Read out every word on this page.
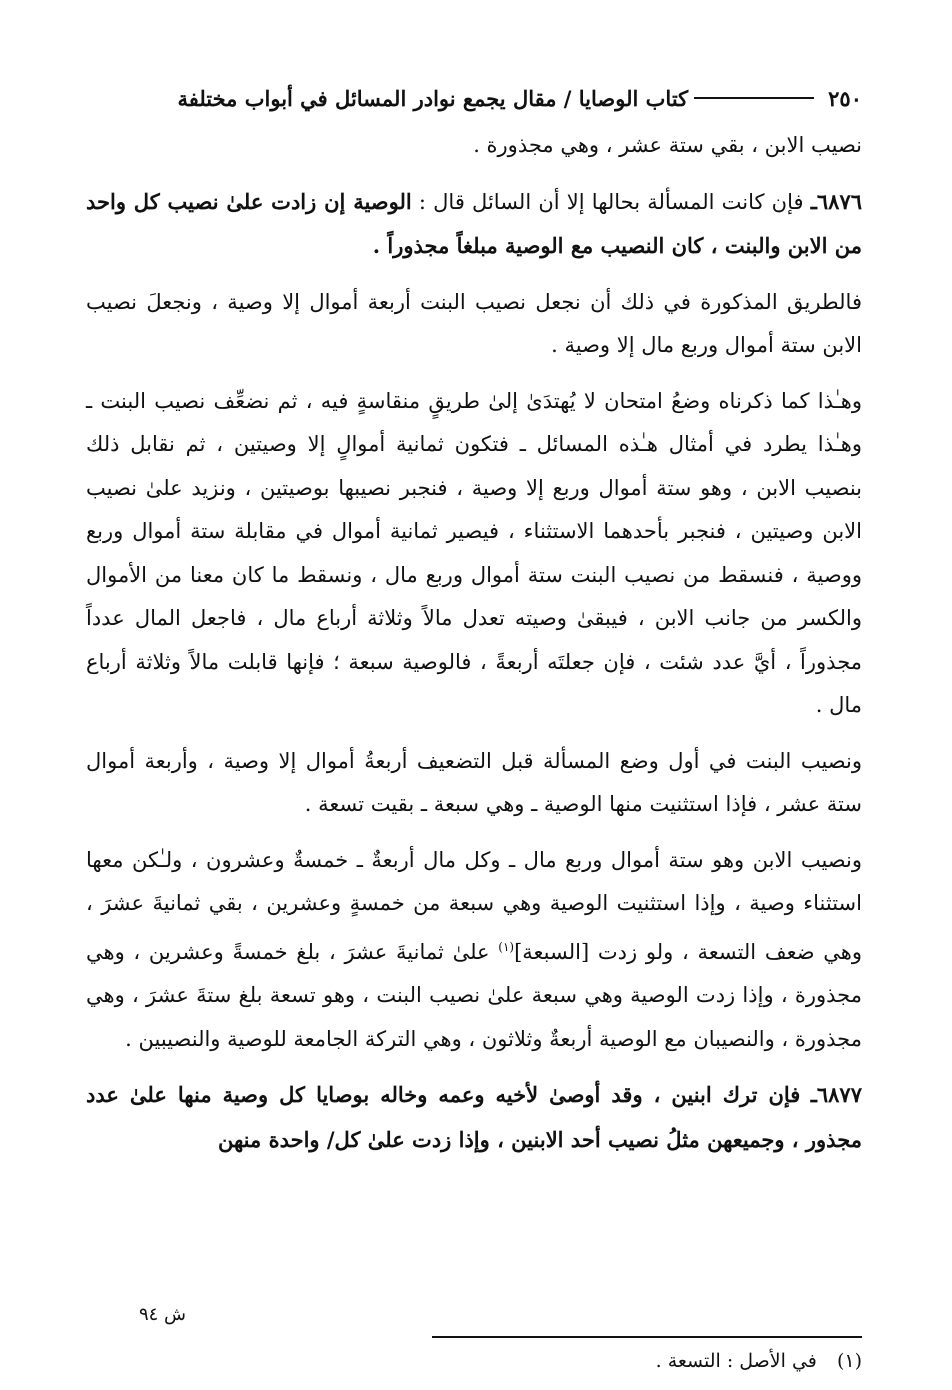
٢٥٠
كتاب الوصايا / مقال يجمع نوادر المسائل في أبواب مختلفة

نصيب الابن ، بقي ستة عشر ، وهي مجذورة .

٦٨٧٦ـ فإن كانت المسألة بحالها إلا أن السائل قال : الوصية إن زادت علىٰ نصيب كل واحد من الابن والبنت ، كان النصيب مع الوصية مبلغاً مجذوراً .

فالطريق المذكورة في ذلك أن نجعل نصيب البنت أربعة أموال إلا وصية ، ونجعلَ نصيب الابن ستة أموال وربع مال إلا وصية .

وهـٰذا كما ذكرناه وضعُ امتحان لا يُهتدَىٰ إلىٰ طريقٍ منقاسةٍ فيه ، ثم نضعِّف نصيب البنت ـ وهـٰذا يطرد في أمثال هـٰذه المسائل ـ فتكون ثمانية أموالٍ إلا وصيتين ، ثم نقابل ذلك بنصيب الابن ، وهو ستة أموال وربع إلا وصية ، فنجبر نصيبها بوصيتين ، ونزيد علىٰ نصيب الابن وصيتين ، فنجبر بأحدهما الاستثناء ، فيصير ثمانية أموال في مقابلة ستة أموال وربع ووصية ، فنسقط من نصيب البنت ستة أموال وربع مال ، ونسقط ما كان معنا من الأموال والكسر من جانب الابن ، فيبقىٰ وصيته تعدل مالاً وثلاثة أرباع مال ، فاجعل المال عدداً مجذوراً ، أيَّ عدد شئت ، فإن جعلتَه أربعةً ، فالوصية سبعة ؛ فإنها قابلت مالاً وثلاثة أرباع مال .

ونصيب البنت في أول وضع المسألة قبل التضعيف أربعةُ أموال إلا وصية ، وأربعة أموال ستة عشر ، فإذا استثنيت منها الوصية ـ وهي سبعة ـ بقيت تسعة .

ونصيب الابن وهو ستة أموال وربع مال ـ وكل مال أربعةٌ ـ خمسةٌ وعشرون ، ولـٰكن معها استثناء وصية ، وإذا استثنيت الوصية وهي سبعة من خمسةٍ وعشرين ، بقي ثمانيةَ عشرَ ، وهي ضعف التسعة ، ولو زدت [السبعة]$^{(١)}$ علىٰ ثمانيةَ عشرَ ، بلغ خمسةً وعشرين ، وهي مجذورة ، وإذا زدت الوصية وهي سبعة علىٰ نصيب البنت ، وهو تسعة بلغ ستةَ عشرَ ، وهي مجذورة ، والنصيبان مع الوصية أربعةٌ وثلاثون ، وهي التركة الجامعة للوصية والنصيبين .

٦٨٧٧ـ فإن ترك ابنين ، وقد أوصىٰ لأخيه وعمه وخاله بوصايا كل وصية منها علىٰ عدد مجذور ، وجميعهن مثلُ نصيب أحد الابنين ، وإذا زدت علىٰ كل/ واحدة منهن

ش ٩٤
(١) في الأصل : التسعة .
